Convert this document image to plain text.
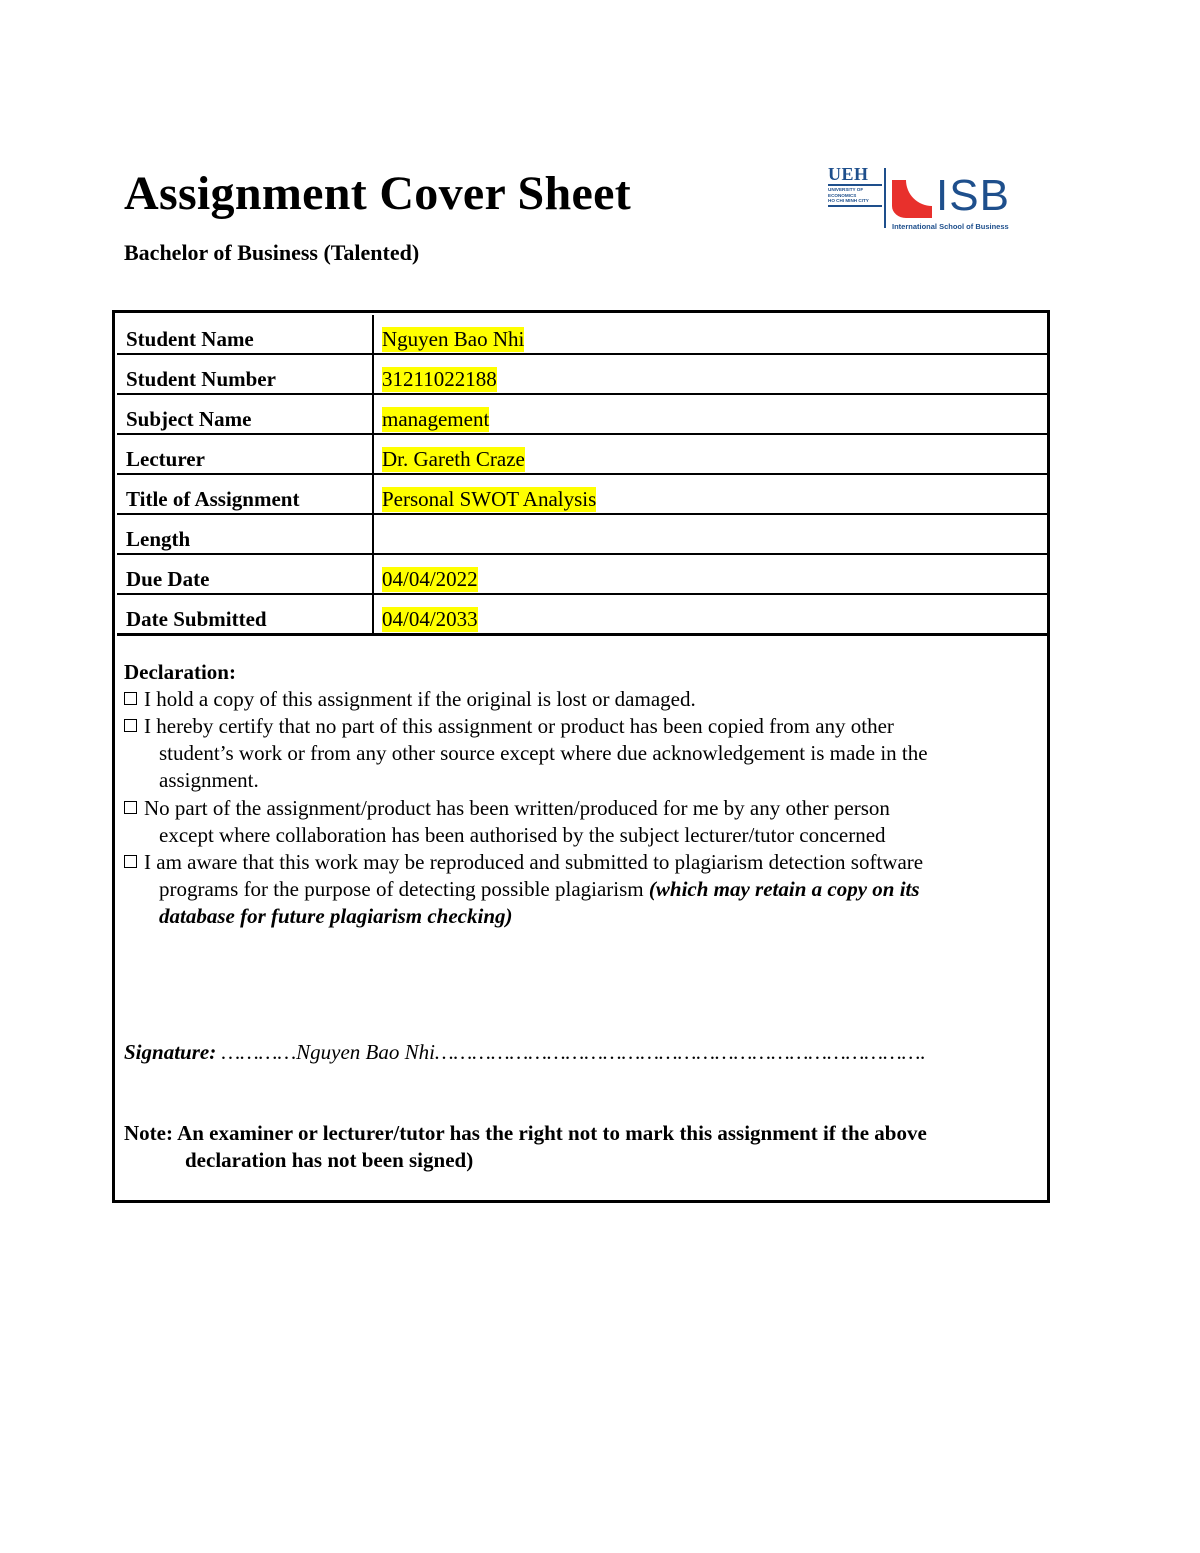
Assignment Cover Sheet
Bachelor of Business (Talented)
UEH
UNIVERSITY OF
ECONOMICS
HO CHI MINH CITY ISB
International School of Business
Student Name	Nguyen Bao Nhi
Student Number	31211022188
Subject Name	management
Lecturer	Dr. Gareth Craze
Title of Assignment	Personal SWOT Analysis
Length
Due Date	04/04/2022
Date Submitted	04/04/2033
Declaration:
I hold a copy of this assignment if the original is lost or damaged.
I hereby certify that no part of this assignment or product has been copied from any other
student’s work or from any other source except where due acknowledgement is made in the
assignment.
No part of the assignment/product has been written/produced for me by any other person
except where collaboration has been authorised by the subject lecturer/tutor concerned
I am aware that this work may be reproduced and submitted to plagiarism detection software
programs for the purpose of detecting possible plagiarism (which may retain a copy on its
database for future plagiarism checking)
Signature: …………Nguyen Bao Nhi…………………………………………………………………….
Note: An examiner or lecturer/tutor has the right not to mark this assignment if the above
declaration has not been signed)
